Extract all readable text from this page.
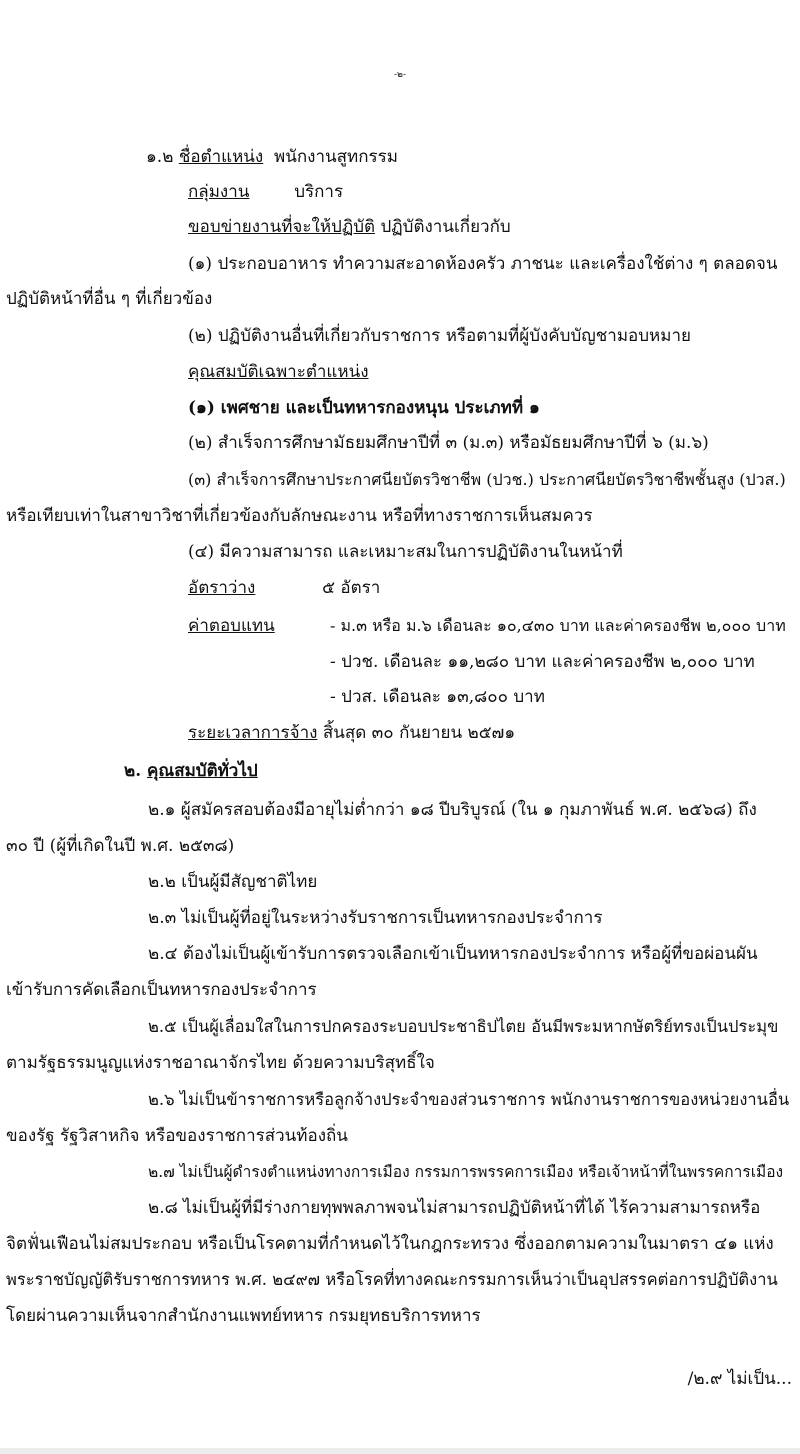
-๒-
๑.๒ ชื่อตำแหน่ง พนักงานสูทกรรม
กลุ่มงาน	บริการ
ขอบข่ายงานที่จะให้ปฏิบัติ ปฏิบัติงานเกี่ยวกับ
(๑) ประกอบอาหาร ทำความสะอาดห้องครัว ภาชนะ และเครื่องใช้ต่าง ๆ ตลอดจน
ปฏิบัติหน้าที่อื่น ๆ ที่เกี่ยวข้อง
(๒) ปฏิบัติงานอื่นที่เกี่ยวกับราชการ หรือตามที่ผู้บังคับบัญชามอบหมาย
คุณสมบัติเฉพาะตำแหน่ง
(๑) เพศชาย และเป็นทหารกองหนุน ประเภทที่ ๑
(๒) สำเร็จการศึกษามัธยมศึกษาปีที่ ๓ (ม.๓) หรือมัธยมศึกษาปีที่ ๖ (ม.๖)
(๓) สำเร็จการศึกษาประกาศนียบัตรวิชาชีพ (ปวช.) ประกาศนียบัตรวิชาชีพชั้นสูง (ปวส.)
หรือเทียบเท่าในสาขาวิชาที่เกี่ยวข้องกับลักษณะงาน หรือที่ทางราชการเห็นสมควร
(๔) มีความสามารถ และเหมาะสมในการปฏิบัติงานในหน้าที่
อัตราว่าง	๕ อัตรา
ค่าตอบแทน	- ม.๓ หรือ ม.๖ เดือนละ ๑๐,๔๓๐ บาท และค่าครองชีพ ๒,๐๐๐ บาท
- ปวช. เดือนละ ๑๑,๒๘๐ บาท และค่าครองชีพ ๒,๐๐๐ บาท
- ปวส. เดือนละ ๑๓,๘๐๐ บาท
ระยะเวลาการจ้าง สิ้นสุด ๓๐ กันยายน ๒๕๗๑
๒. คุณสมบัติทั่วไป
๒.๑ ผู้สมัครสอบต้องมีอายุไม่ต่ำกว่า ๑๘ ปีบริบูรณ์ (ใน ๑ กุมภาพันธ์ พ.ศ. ๒๕๖๘) ถึง
๓๐ ปี (ผู้ที่เกิดในปี พ.ศ. ๒๕๓๘)
๒.๒ เป็นผู้มีสัญชาติไทย
๒.๓ ไม่เป็นผู้ที่อยู่ในระหว่างรับราชการเป็นทหารกองประจำการ
๒.๔ ต้องไม่เป็นผู้เข้ารับการตรวจเลือกเข้าเป็นทหารกองประจำการ หรือผู้ที่ขอผ่อนผัน
เข้ารับการคัดเลือกเป็นทหารกองประจำการ
๒.๕ เป็นผู้เลื่อมใสในการปกครองระบอบประชาธิปไตย อันมีพระมหากษัตริย์ทรงเป็นประมุข
ตามรัฐธรรมนูญแห่งราชอาณาจักรไทย ด้วยความบริสุทธิ์ใจ
๒.๖ ไม่เป็นข้าราชการหรือลูกจ้างประจำของส่วนราชการ พนักงานราชการของหน่วยงานอื่น
ของรัฐ รัฐวิสาหกิจ หรือของราชการส่วนท้องถิ่น
๒.๗ ไม่เป็นผู้ดำรงตำแหน่งทางการเมือง กรรมการพรรคการเมือง หรือเจ้าหน้าที่ในพรรคการเมือง
๒.๘ ไม่เป็นผู้ที่มีร่างกายทุพพลภาพจนไม่สามารถปฏิบัติหน้าที่ได้ ไร้ความสามารถหรือ
จิตฟั่นเฟือนไม่สมประกอบ หรือเป็นโรคตามที่กำหนดไว้ในกฎกระทรวง ซึ่งออกตามความในมาตรา ๔๑ แห่ง
พระราชบัญญัติรับราชการทหาร พ.ศ. ๒๔๙๗ หรือโรคที่ทางคณะกรรมการเห็นว่าเป็นอุปสรรคต่อการปฏิบัติงาน
โดยผ่านความเห็นจากสำนักงานแพทย์ทหาร กรมยุทธบริการทหาร
/๒.๙ ไม่เป็น...
